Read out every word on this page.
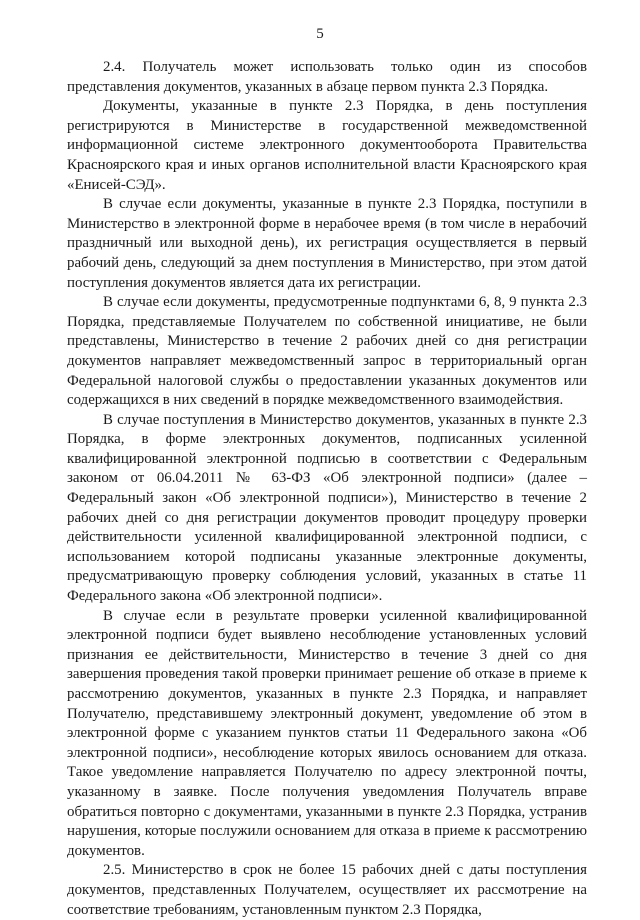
5

2.4. Получатель может использовать только один из способов представления документов, указанных в абзаце первом пункта 2.3 Порядка.

Документы, указанные в пункте 2.3 Порядка, в день поступления регистрируются в Министерстве в государственной межведомственной информационной системе электронного документооборота Правительства Красноярского края и иных органов исполнительной власти Красноярского края «Енисей-СЭД».

В случае если документы, указанные в пункте 2.3 Порядка, поступили в Министерство в электронной форме в нерабочее время (в том числе в нерабочий праздничный или выходной день), их регистрация осуществляется в первый рабочий день, следующий за днем поступления в Министерство, при этом датой поступления документов является дата их регистрации.

В случае если документы, предусмотренные подпунктами 6, 8, 9 пункта 2.3 Порядка, представляемые Получателем по собственной инициативе, не были представлены, Министерство в течение 2 рабочих дней со дня регистрации документов направляет межведомственный запрос в территориальный орган Федеральной налоговой службы о предоставлении указанных документов или содержащихся в них сведений в порядке межведомственного взаимодействия.

В случае поступления в Министерство документов, указанных в пункте 2.3 Порядка, в форме электронных документов, подписанных усиленной квалифицированной электронной подписью в соответствии с Федеральным законом от 06.04.2011 № 63-ФЗ «Об электронной подписи» (далее – Федеральный закон «Об электронной подписи»), Министерство в течение 2 рабочих дней со дня регистрации документов проводит процедуру проверки действительности усиленной квалифицированной электронной подписи, с использованием которой подписаны указанные электронные документы, предусматривающую проверку соблюдения условий, указанных в статье 11 Федерального закона «Об электронной подписи».

В случае если в результате проверки усиленной квалифицированной электронной подписи будет выявлено несоблюдение установленных условий признания ее действительности, Министерство в течение 3 дней со дня завершения проведения такой проверки принимает решение об отказе в приеме к рассмотрению документов, указанных в пункте 2.3 Порядка, и направляет Получателю, представившему электронный документ, уведомление об этом в электронной форме с указанием пунктов статьи 11 Федерального закона «Об электронной подписи», несоблюдение которых явилось основанием для отказа. Такое уведомление направляется Получателю по адресу электронной почты, указанному в заявке. После получения уведомления Получатель вправе обратиться повторно с документами, указанными в пункте 2.3 Порядка, устранив нарушения, которые послужили основанием для отказа в приеме к рассмотрению документов.

2.5. Министерство в срок не более 15 рабочих дней с даты поступления документов, представленных Получателем, осуществляет их рассмотрение на соответствие требованиям, установленным пунктом 2.3 Порядка,
